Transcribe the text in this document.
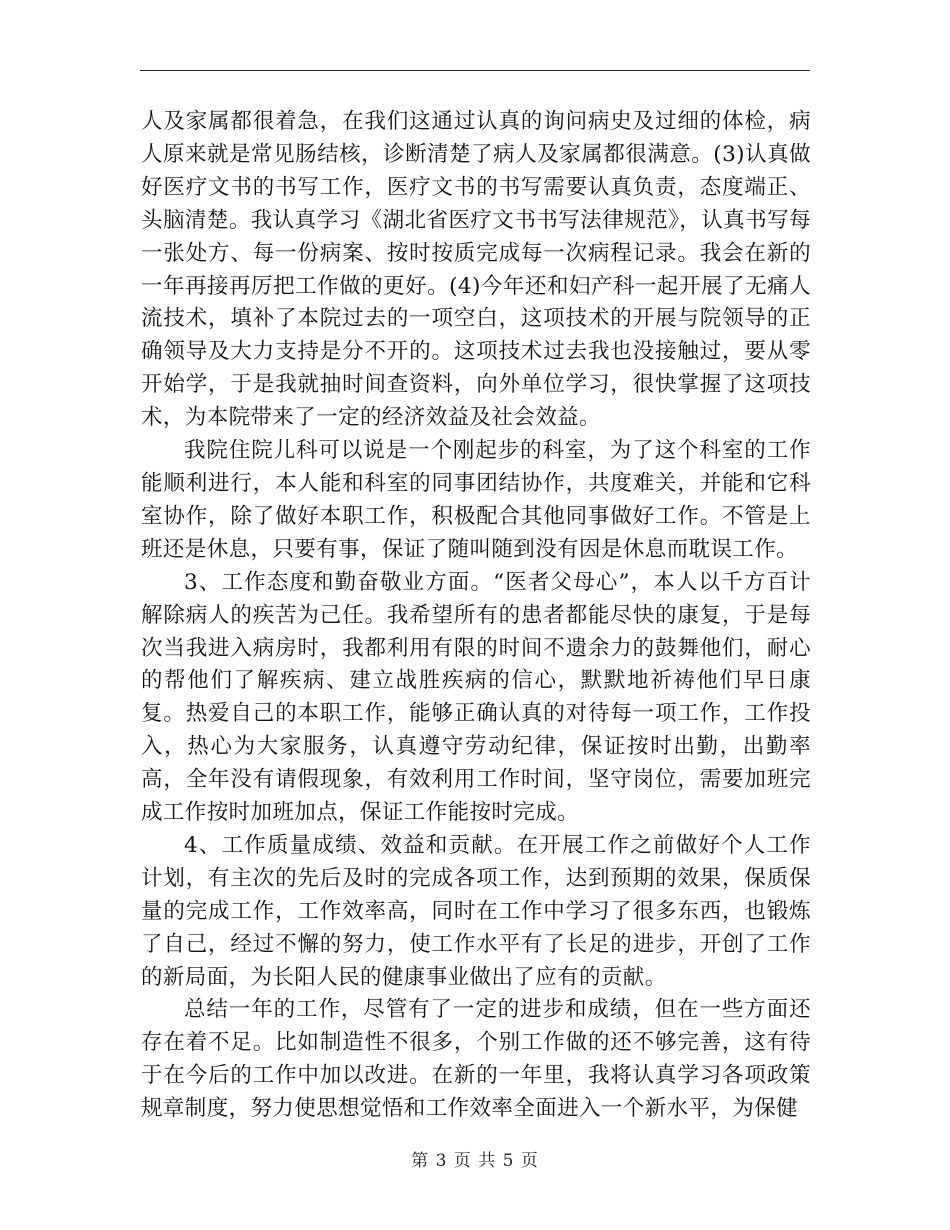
人及家属都很着急，在我们这通过认真的询问病史及过细的体检，病人原来就是常见肠结核，诊断清楚了病人及家属都很满意。(3)认真做好医疗文书的书写工作，医疗文书的书写需要认真负责，态度端正、头脑清楚。我认真学习《湖北省医疗文书书写法律规范》，认真书写每一张处方、每一份病案、按时按质完成每一次病程记录。我会在新的一年再接再厉把工作做的更好。(4)今年还和妇产科一起开展了无痛人流技术，填补了本院过去的一项空白，这项技术的开展与院领导的正确领导及大力支持是分不开的。这项技术过去我也没接触过，要从零开始学，于是我就抽时间查资料，向外单位学习，很快掌握了这项技术，为本院带来了一定的经济效益及社会效益。

我院住院儿科可以说是一个刚起步的科室，为了这个科室的工作能顺利进行，本人能和科室的同事团结协作，共度难关，并能和它科室协作，除了做好本职工作，积极配合其他同事做好工作。不管是上班还是休息，只要有事，保证了随叫随到没有因是休息而耽误工作。

3、工作态度和勤奋敬业方面。“医者父母心”，本人以千方百计解除病人的疾苦为己任。我希望所有的患者都能尽快的康复，于是每次当我进入病房时，我都利用有限的时间不遗余力的鼓舞他们，耐心的帮他们了解疾病、建立战胜疾病的信心，默默地祈祷他们早日康复。热爱自己的本职工作，能够正确认真的对待每一项工作，工作投入，热心为大家服务，认真遵守劳动纪律，保证按时出勤，出勤率高，全年没有请假现象，有效利用工作时间，坚守岗位，需要加班完成工作按时加班加点，保证工作能按时完成。

4、工作质量成绩、效益和贡献。在开展工作之前做好个人工作计划，有主次的先后及时的完成各项工作，达到预期的效果，保质保量的完成工作，工作效率高，同时在工作中学习了很多东西，也锻炼了自己，经过不懈的努力，使工作水平有了长足的进步，开创了工作的新局面，为长阳人民的健康事业做出了应有的贡献。

总结一年的工作，尽管有了一定的进步和成绩，但在一些方面还存在着不足。比如制造性不很多，个别工作做的还不够完善，这有待于在今后的工作中加以改进。在新的一年里，我将认真学习各项政策规章制度，努力使思想觉悟和工作效率全面进入一个新水平，为保健

第 3 页 共 5 页
